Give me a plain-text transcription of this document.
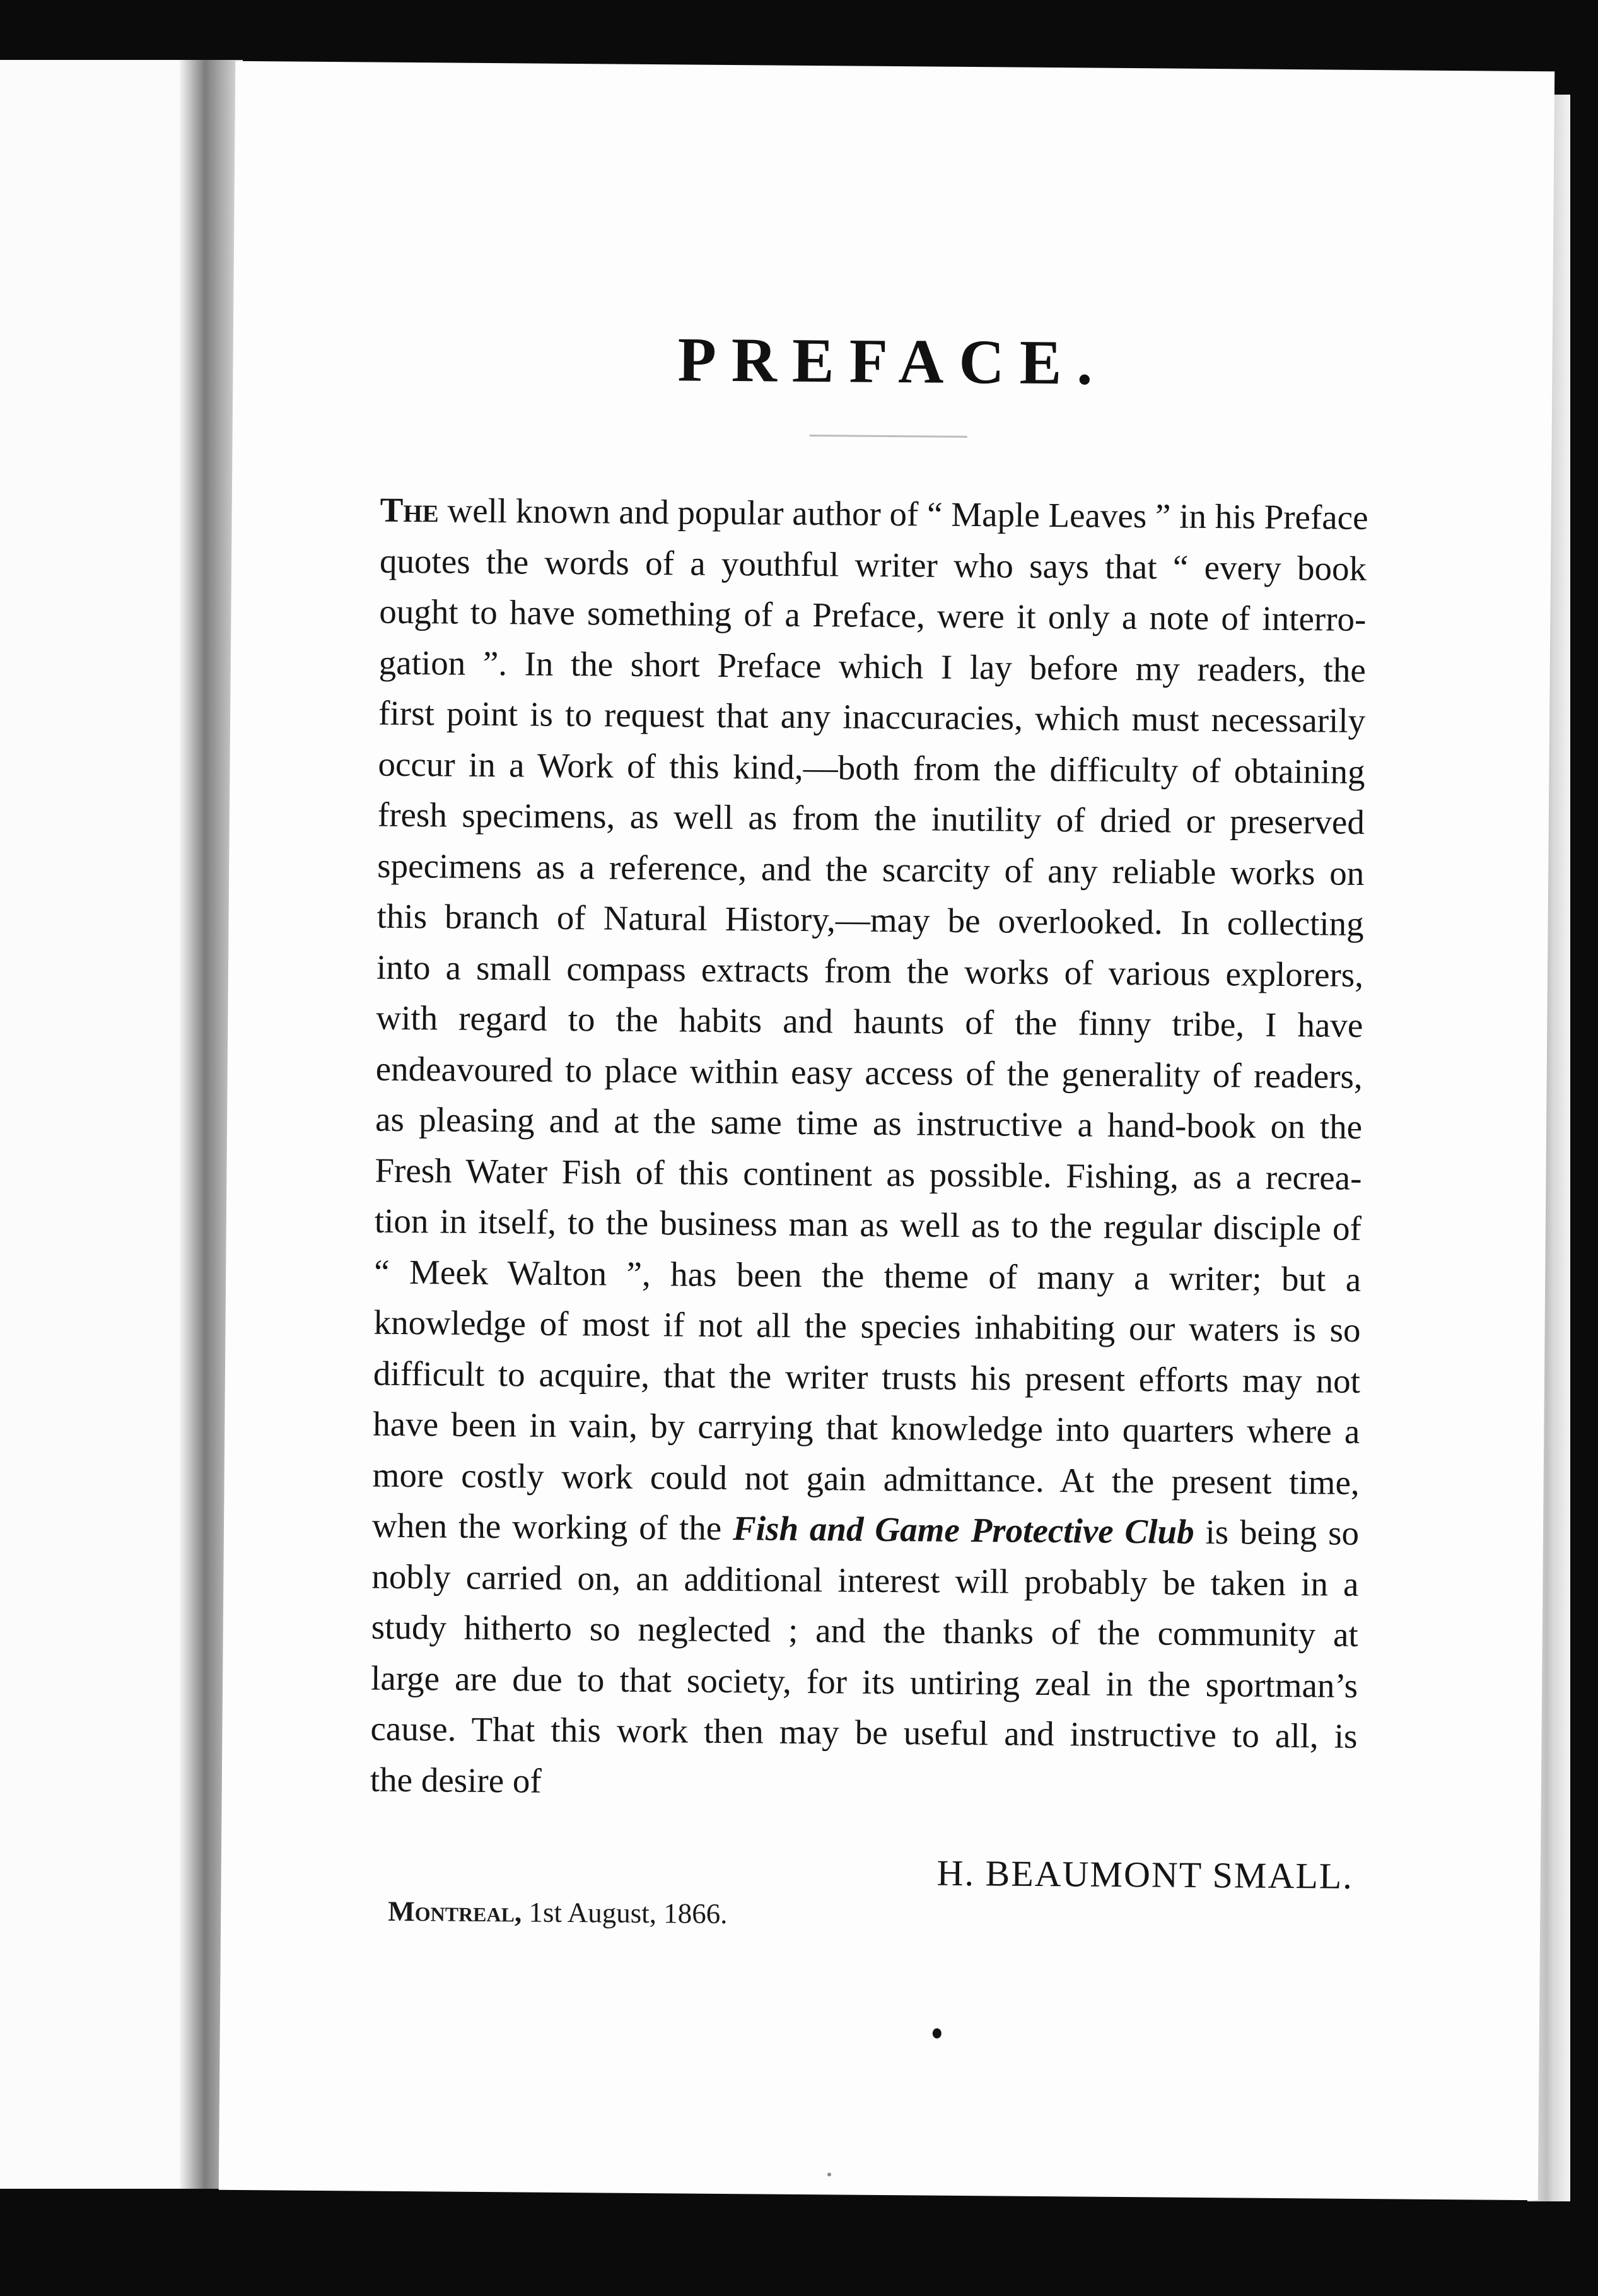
PREFACE.
The well known and popular author of “ Maple Leaves ” in his Preface
quotes the words of a youthful writer who says that “ every book
ought to have something of a Preface, were it only a note of interro-
gation ”. In the short Preface which I lay before my readers, the
first point is to request that any inaccuracies, which must necessarily
occur in a Work of this kind,—both from the difficulty of obtaining
fresh specimens, as well as from the inutility of dried or preserved
specimens as a reference, and the scarcity of any reliable works on
this branch of Natural History,—may be overlooked. In collecting
into a small compass extracts from the works of various explorers,
with regard to the habits and haunts of the finny tribe, I have
endeavoured to place within easy access of the generality of readers,
as pleasing and at the same time as instructive a hand-book on the
Fresh Water Fish of this continent as possible. Fishing, as a recrea-
tion in itself, to the business man as well as to the regular disciple of
“ Meek Walton ”, has been the theme of many a writer; but a
knowledge of most if not all the species inhabiting our waters is so
difficult to acquire, that the writer trusts his present efforts may not
have been in vain, by carrying that knowledge into quarters where a
more costly work could not gain admittance. At the present time,
when the working of the Fish and Game Protective Club is being so
nobly carried on, an additional interest will probably be taken in a
study hitherto so neglected ; and the thanks of the community at
large are due to that society, for its untiring zeal in the sportman’s
cause. That this work then may be useful and instructive to all, is
the desire of
H. BEAUMONT SMALL.
Montreal, 1st August, 1866.
